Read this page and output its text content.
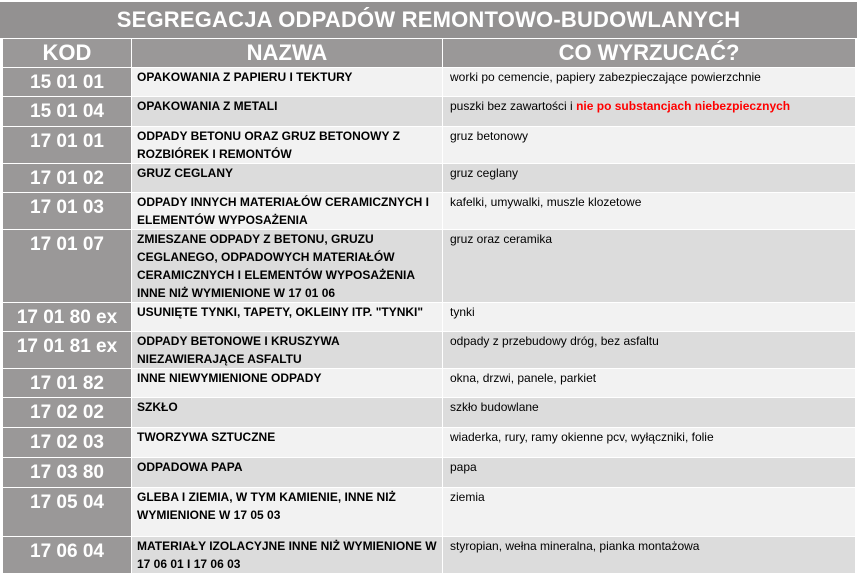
SEGREGACJA ODPADÓW REMONTOWO-BUDOWLANYCH
KOD	NAZWA	CO WYRZUCAĆ?
15 01 01	OPAKOWANIA Z PAPIERU I TEKTURY	worki po cemencie, papiery zabezpieczające powierzchnie
15 01 04	OPAKOWANIA Z METALI	puszki bez zawartości i nie po substancjach niebezpiecznych
17 01 01	ODPADY BETONU ORAZ GRUZ BETONOWY Z ROZBIÓREK I REMONTÓW	gruz betonowy
17 01 02	GRUZ CEGLANY	gruz ceglany
17 01 03	ODPADY INNYCH MATERIAŁÓW CERAMICZNYCH I ELEMENTÓW WYPOSAŻENIA	kafelki, umywalki, muszle klozetowe
17 01 07	ZMIESZANE ODPADY Z BETONU, GRUZU CEGLANEGO, ODPADOWYCH MATERIAŁÓW CERAMICZNYCH I ELEMENTÓW WYPOSAŻENIA INNE NIŻ WYMIENIONE W 17 01 06	gruz oraz ceramika
17 01 80 ex	USUNIĘTE TYNKI, TAPETY, OKLEINY ITP. "TYNKI"	tynki
17 01 81 ex	ODPADY BETONOWE I KRUSZYWA NIEZAWIERAJĄCE ASFALTU	odpady z przebudowy dróg, bez asfaltu
17 01 82	INNE NIEWYMIENIONE ODPADY	okna, drzwi, panele, parkiet
17 02 02	SZKŁO	szkło budowlane
17 02 03	TWORZYWA SZTUCZNE	wiaderka, rury, ramy okienne pcv, wyłączniki, folie
17 03 80	ODPADOWA PAPA	papa
17 05 04	GLEBA I ZIEMIA, W TYM KAMIENIE, INNE NIŻ WYMIENIONE W 17 05 03	ziemia
17 06 04	MATERIAŁY IZOLACYJNE INNE NIŻ WYMIENIONE W 17 06 01 I 17 06 03	styropian, wełna mineralna, pianka montażowa
